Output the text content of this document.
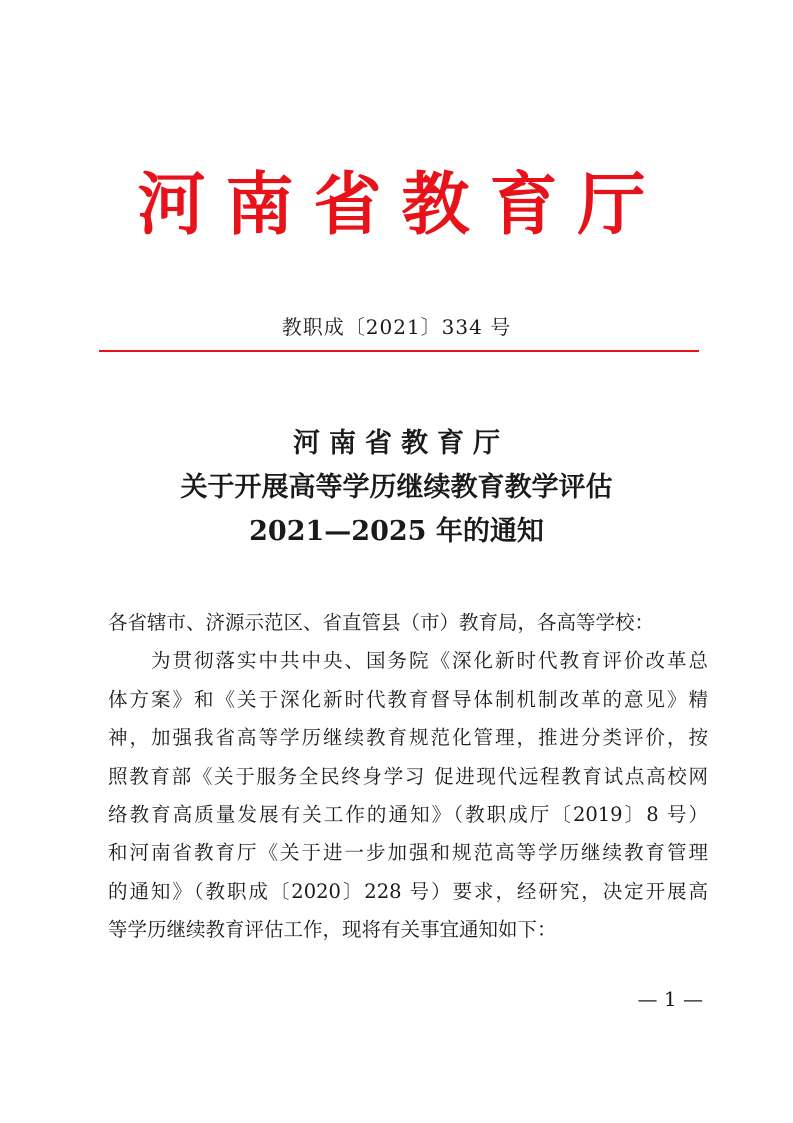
河南省教育厅
教职成〔2021〕334 号
河南省教育厅
关于开展高等学历继续教育教学评估
2021—2025 年的通知
各省辖市、济源示范区、省直管县（市）教育局，各高等学校：
　　为贯彻落实中共中央、国务院《深化新时代教育评价改革总
体方案》和《关于深化新时代教育督导体制机制改革的意见》精
神，加强我省高等学历继续教育规范化管理，推进分类评价，按
照教育部《关于服务全民终身学习 促进现代远程教育试点高校网
络教育高质量发展有关工作的通知》（教职成厅〔2019〕8 号）
和河南省教育厅《关于进一步加强和规范高等学历继续教育管理
的通知》（教职成〔2020〕228 号）要求，经研究，决定开展高
等学历继续教育评估工作，现将有关事宜通知如下：
— 1 —
